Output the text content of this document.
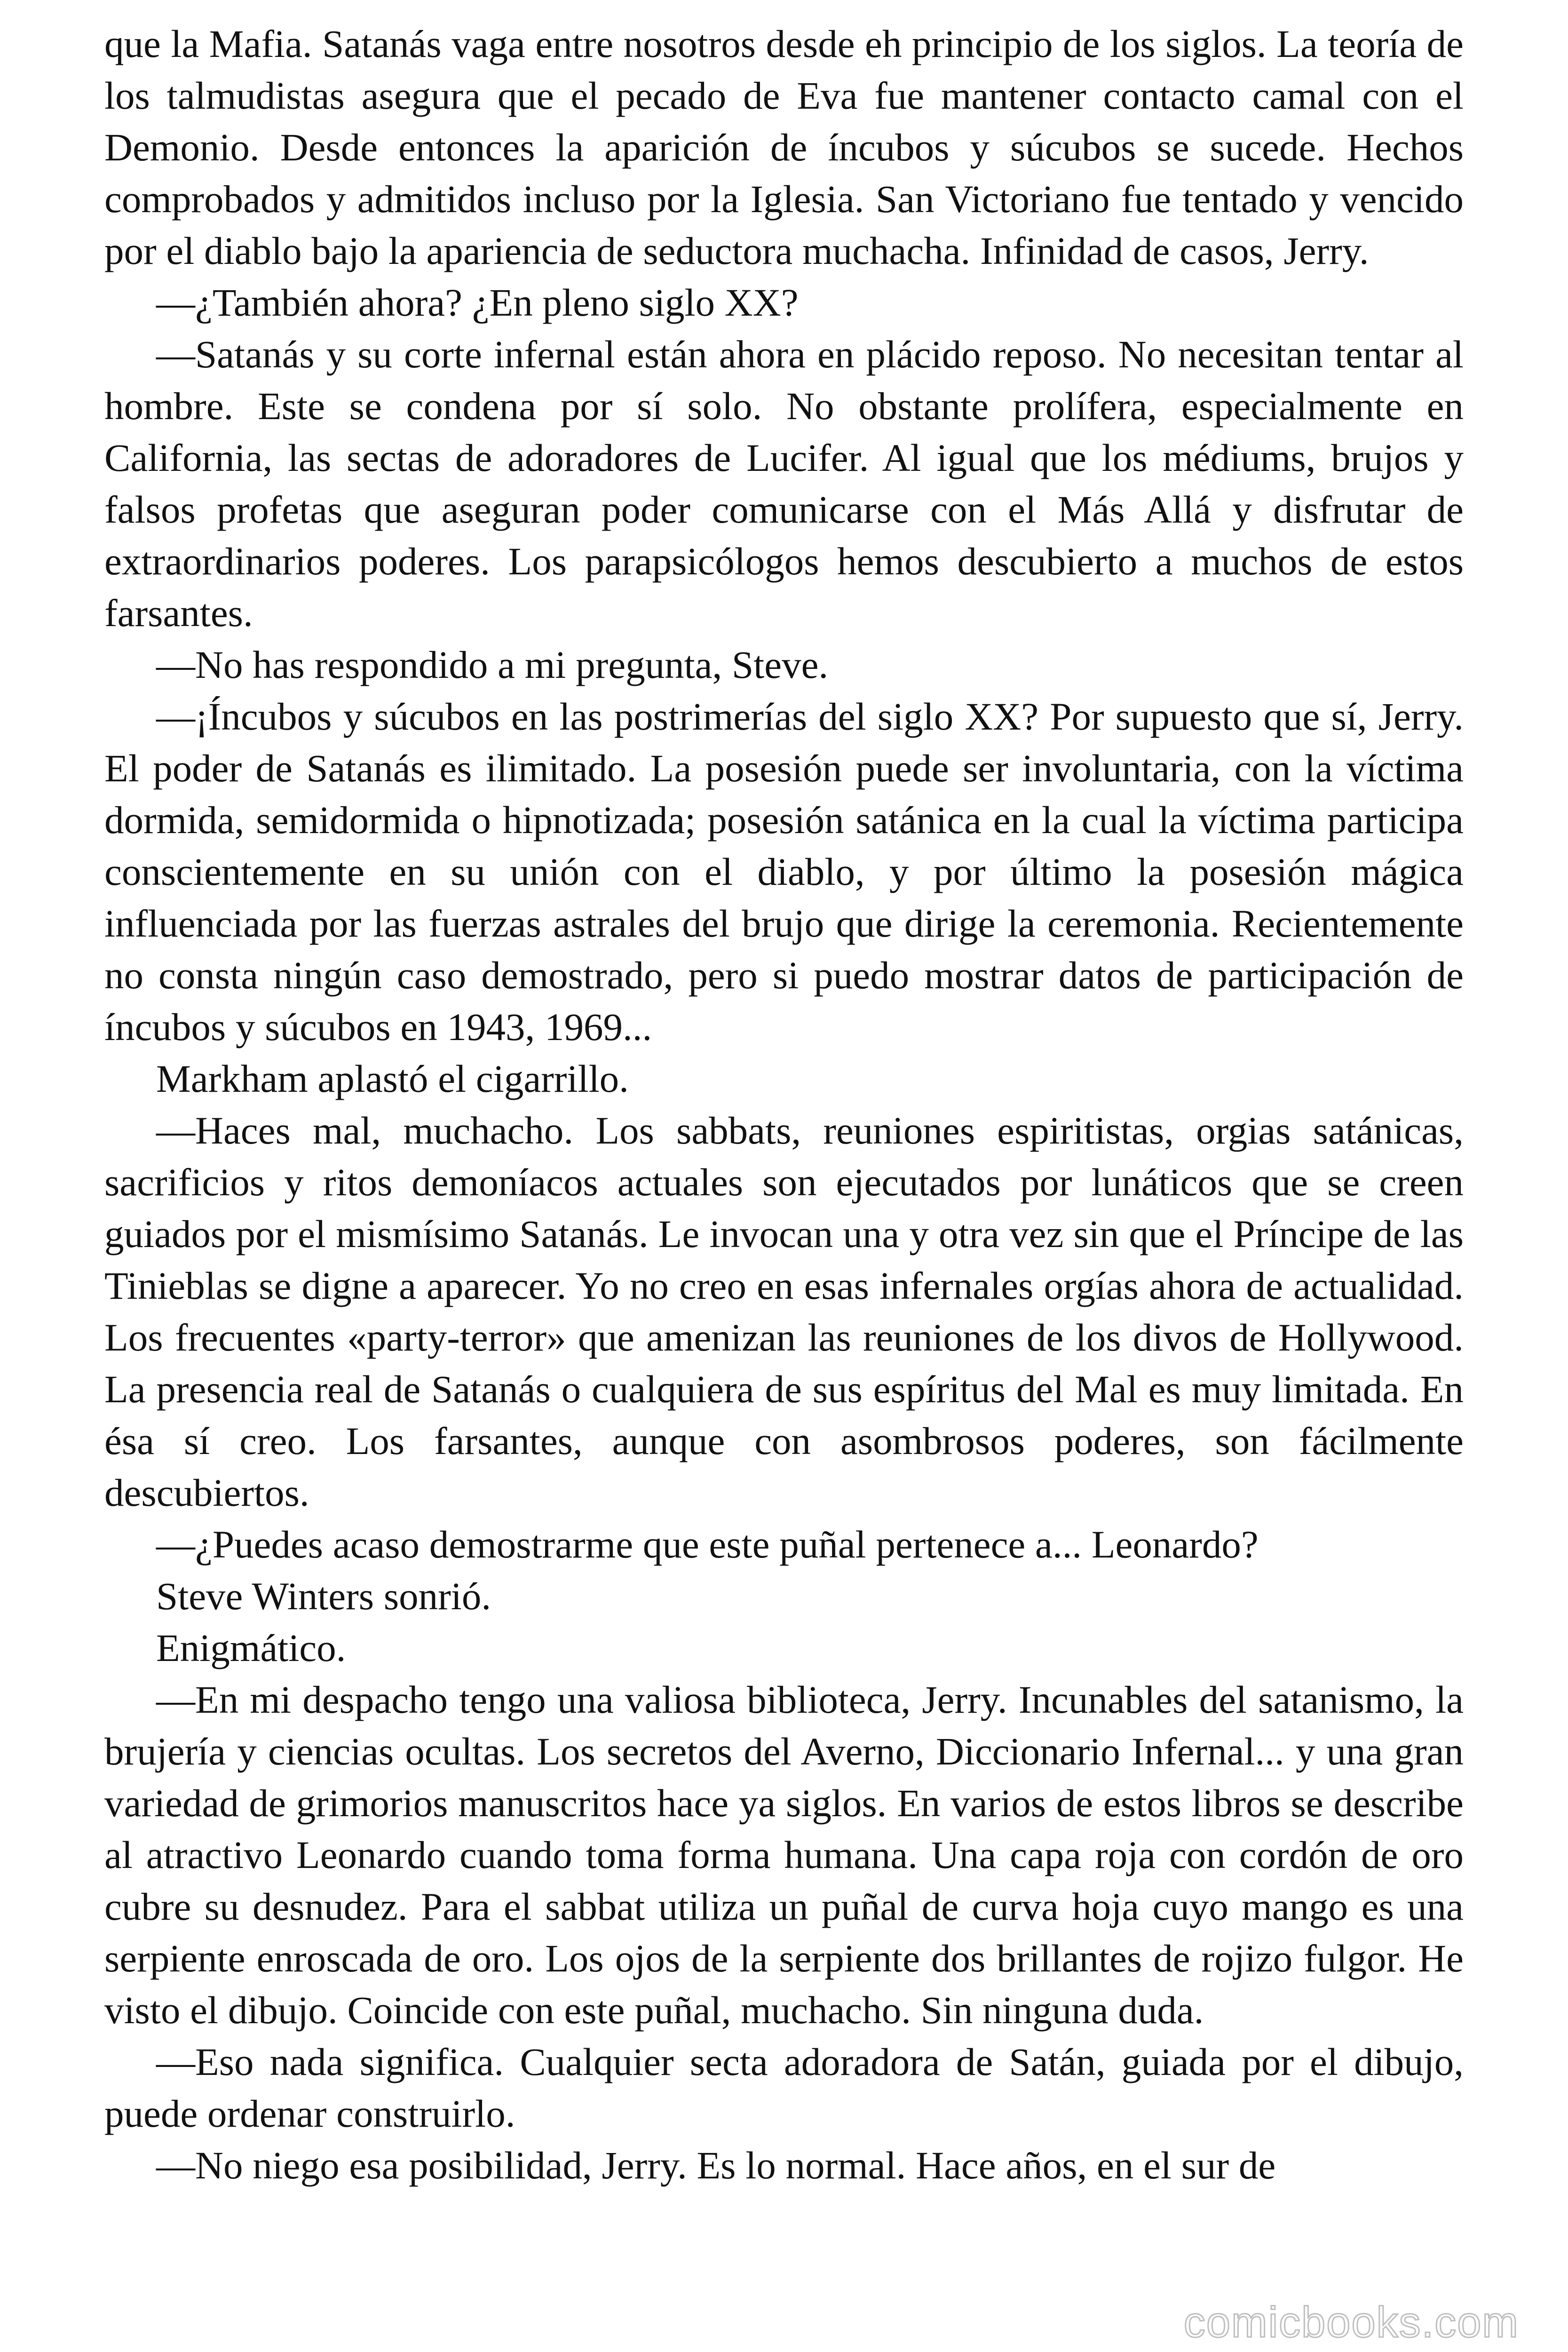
que la Mafia. Satanás vaga entre nosotros desde eh principio de los siglos. La teoría de los talmudistas asegura que el pecado de Eva fue mantener contacto camal con el Demonio. Desde entonces la aparición de íncubos y súcubos se sucede. Hechos comprobados y admitidos incluso por la Iglesia. San Victoriano fue tentado y vencido por el diablo bajo la apariencia de seductora muchacha. Infinidad de casos, Jerry.

—¿También ahora? ¿En pleno siglo XX?

—Satanás y su corte infernal están ahora en plácido reposo. No necesitan tentar al hombre. Este se condena por sí solo. No obstante prolífera, especialmente en California, las sectas de adoradores de Lucifer. Al igual que los médiums, brujos y falsos profetas que aseguran poder comunicarse con el Más Allá y disfrutar de extraordinarios poderes. Los parapsicólogos hemos descubierto a muchos de estos farsantes.

—No has respondido a mi pregunta, Steve.

—¡Íncubos y súcubos en las postrimerías del siglo XX? Por supuesto que sí, Jerry. El poder de Satanás es ilimitado. La posesión puede ser involuntaria, con la víctima dormida, semidormida o hipnotizada; posesión satánica en la cual la víctima participa conscientemente en su unión con el diablo, y por último la posesión mágica influenciada por las fuerzas astrales del brujo que dirige la ceremonia. Recientemente no consta ningún caso demostrado, pero si puedo mostrar datos de participación de íncubos y súcubos en 1943, 1969...

Markham aplastó el cigarrillo.

—Haces mal, muchacho. Los sabbats, reuniones espiritistas, orgias satánicas, sacrificios y ritos demoníacos actuales son ejecutados por lunáticos que se creen guiados por el mismísimo Satanás. Le invocan una y otra vez sin que el Príncipe de las Tinieblas se digne a aparecer. Yo no creo en esas infernales orgías ahora de actualidad. Los frecuentes «party-terror» que amenizan las reuniones de los divos de Hollywood. La presencia real de Satanás o cualquiera de sus espíritus del Mal es muy limitada. En ésa sí creo. Los farsantes, aunque con asombrosos poderes, son fácilmente descubiertos.

—¿Puedes acaso demostrarme que este puñal pertenece a... Leonardo?

Steve Winters sonrió.

Enigmático.

—En mi despacho tengo una valiosa biblioteca, Jerry. Incunables del satanismo, la brujería y ciencias ocultas. Los secretos del Averno, Diccionario Infernal... y una gran variedad de grimorios manuscritos hace ya siglos. En varios de estos libros se describe al atractivo Leonardo cuando toma forma humana. Una capa roja con cordón de oro cubre su desnudez. Para el sabbat utiliza un puñal de curva hoja cuyo mango es una serpiente enroscada de oro. Los ojos de la serpiente dos brillantes de rojizo fulgor. He visto el dibujo. Coincide con este puñal, muchacho. Sin ninguna duda.

—Eso nada significa. Cualquier secta adoradora de Satán, guiada por el dibujo, puede ordenar construirlo.

—No niego esa posibilidad, Jerry. Es lo normal. Hace años, en el sur de

comicbooks.com
